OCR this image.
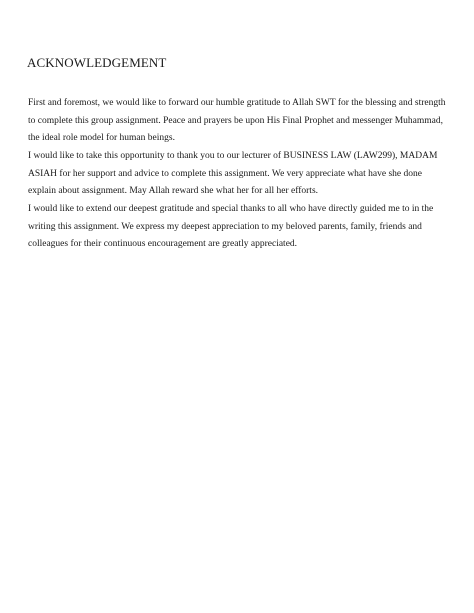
ACKNOWLEDGEMENT

First and foremost, we would like to forward our humble gratitude to Allah SWT for the blessing and strength to complete this group assignment. Peace and prayers be upon His Final Prophet and messenger Muhammad, the ideal role model for human beings.

I would like to take this opportunity to thank you to our lecturer of BUSINESS LAW (LAW299), MADAM ASIAH for her support and advice to complete this assignment. We very appreciate what have she done explain about assignment. May Allah reward she what her for all her efforts.

I would like to extend our deepest gratitude and special thanks to all who have directly guided me to in the writing this assignment. We express my deepest appreciation to my beloved parents, family, friends and colleagues for their continuous encouragement are greatly appreciated.
